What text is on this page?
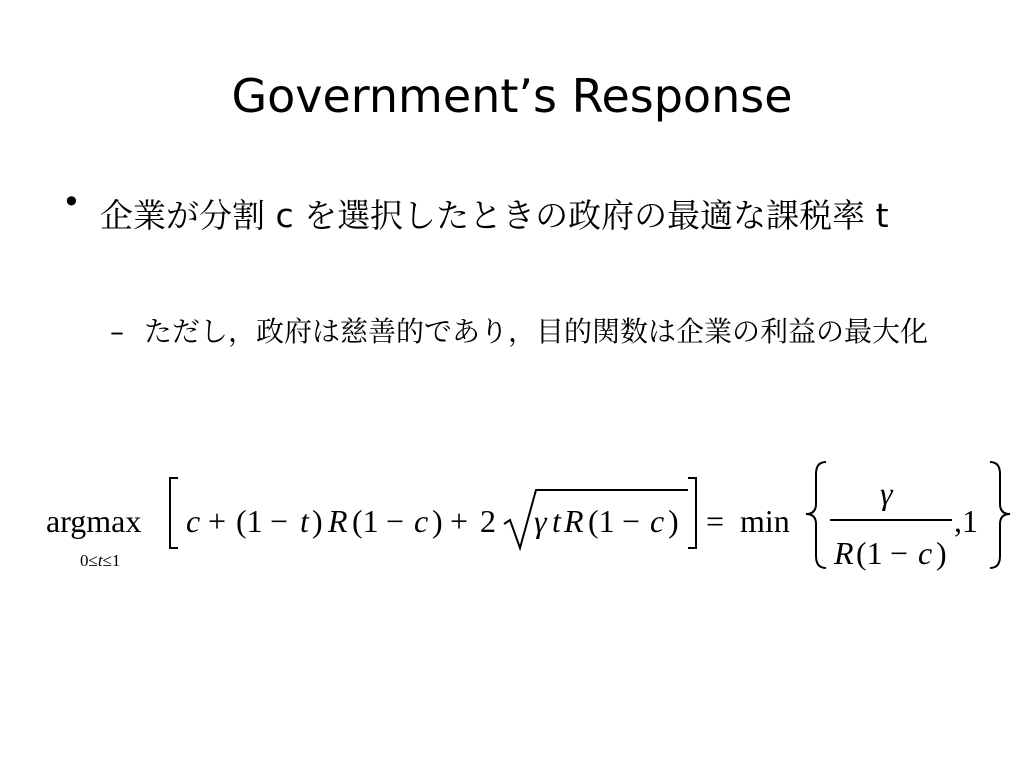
Government’s Response
• 企業が分割 c を選択したときの政府の最適な課税率 t
– ただし，政府は慈善的であり，目的関数は企業の利益の最大化
argmax
0≤t≤1
c + (1 − t ) R (1 − c ) + 2 γ t R (1 − c ) = min
γ
R (1 − c )
,1
